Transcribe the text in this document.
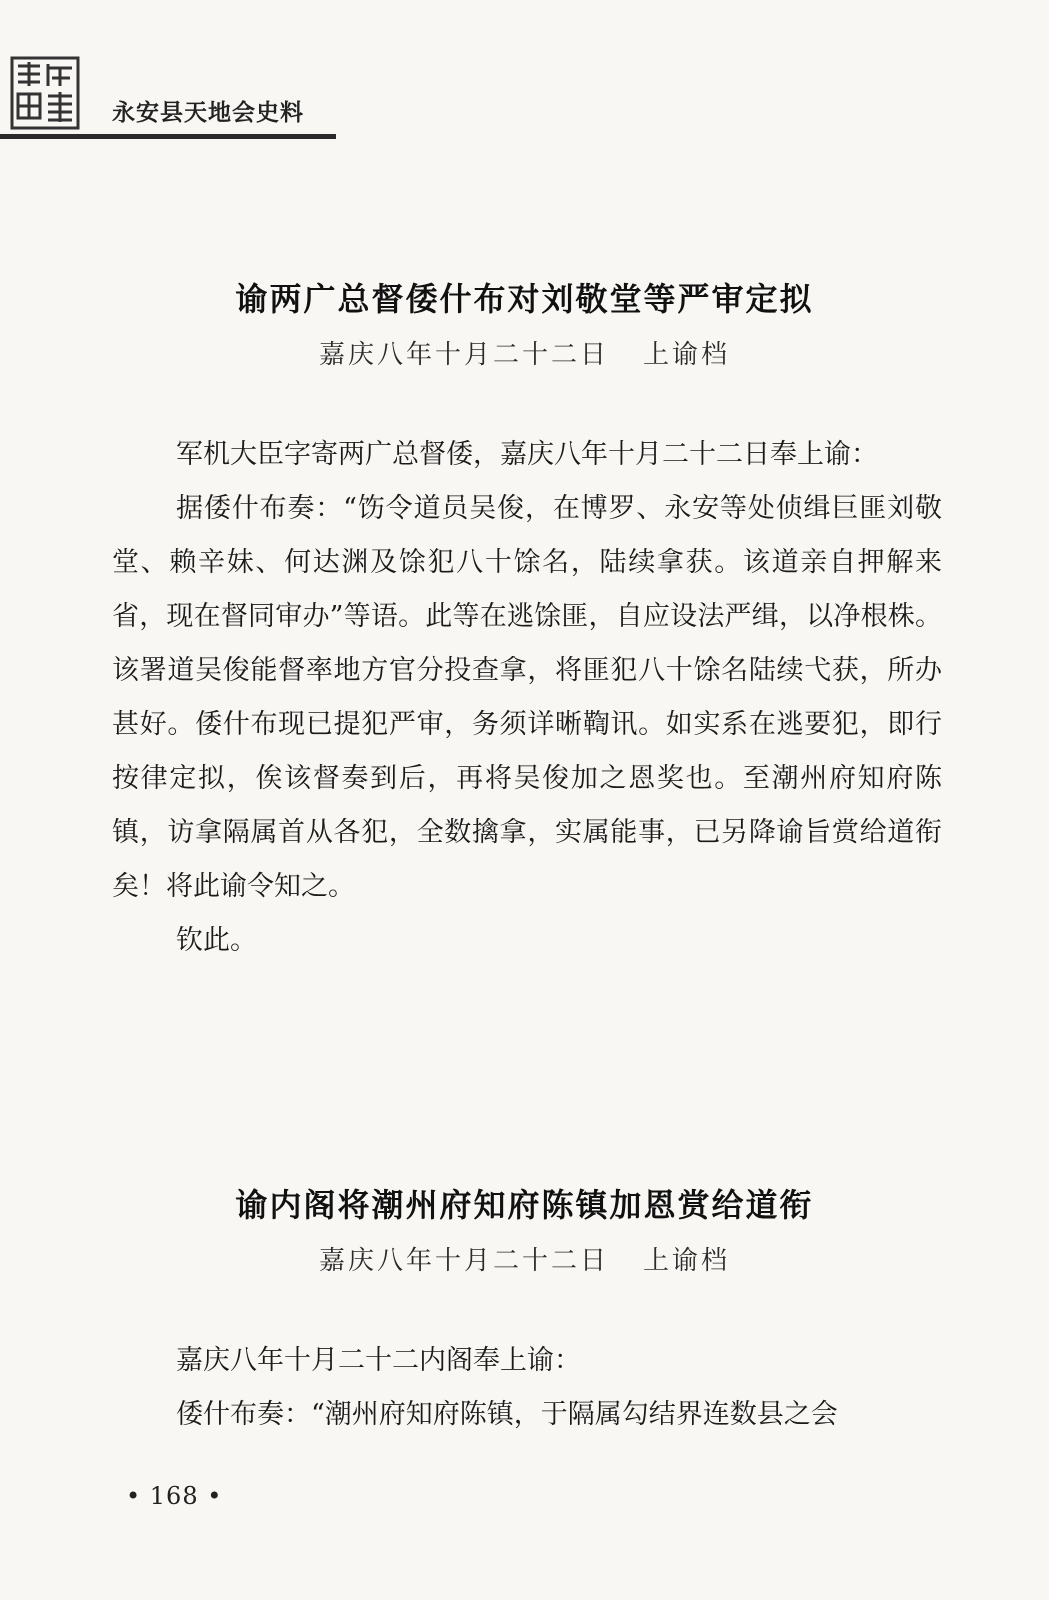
永安县天地会史料
谕两广总督倭什布对刘敬堂等严审定拟
嘉庆八年十月二十二日 上谕档

军机大臣字寄两广总督倭，嘉庆八年十月二十二日奉上谕：

据倭什布奏：“饬令道员吴俊，在博罗、永安等处侦缉巨匪刘敬堂、赖辛妹、何达渊及馀犯八十馀名，陆续拿获。该道亲自押解来省，现在督同审办”等语。此等在逃馀匪，自应设法严缉，以净根株。该署道吴俊能督率地方官分投查拿，将匪犯八十馀名陆续弋获，所办甚好。倭什布现已提犯严审，务须详晰鞫讯。如实系在逃要犯，即行按律定拟，俟该督奏到后，再将吴俊加之恩奖也。至潮州府知府陈镇，访拿隔属首从各犯，全数擒拿，实属能事，已另降谕旨赏给道衔矣！将此谕令知之。

钦此。

谕内阁将潮州府知府陈镇加恩赏给道衔
嘉庆八年十月二十二日 上谕档

嘉庆八年十月二十二内阁奉上谕：

倭什布奏：“潮州府知府陈镇，于隔属勾结界连数县之会

• 168 •
